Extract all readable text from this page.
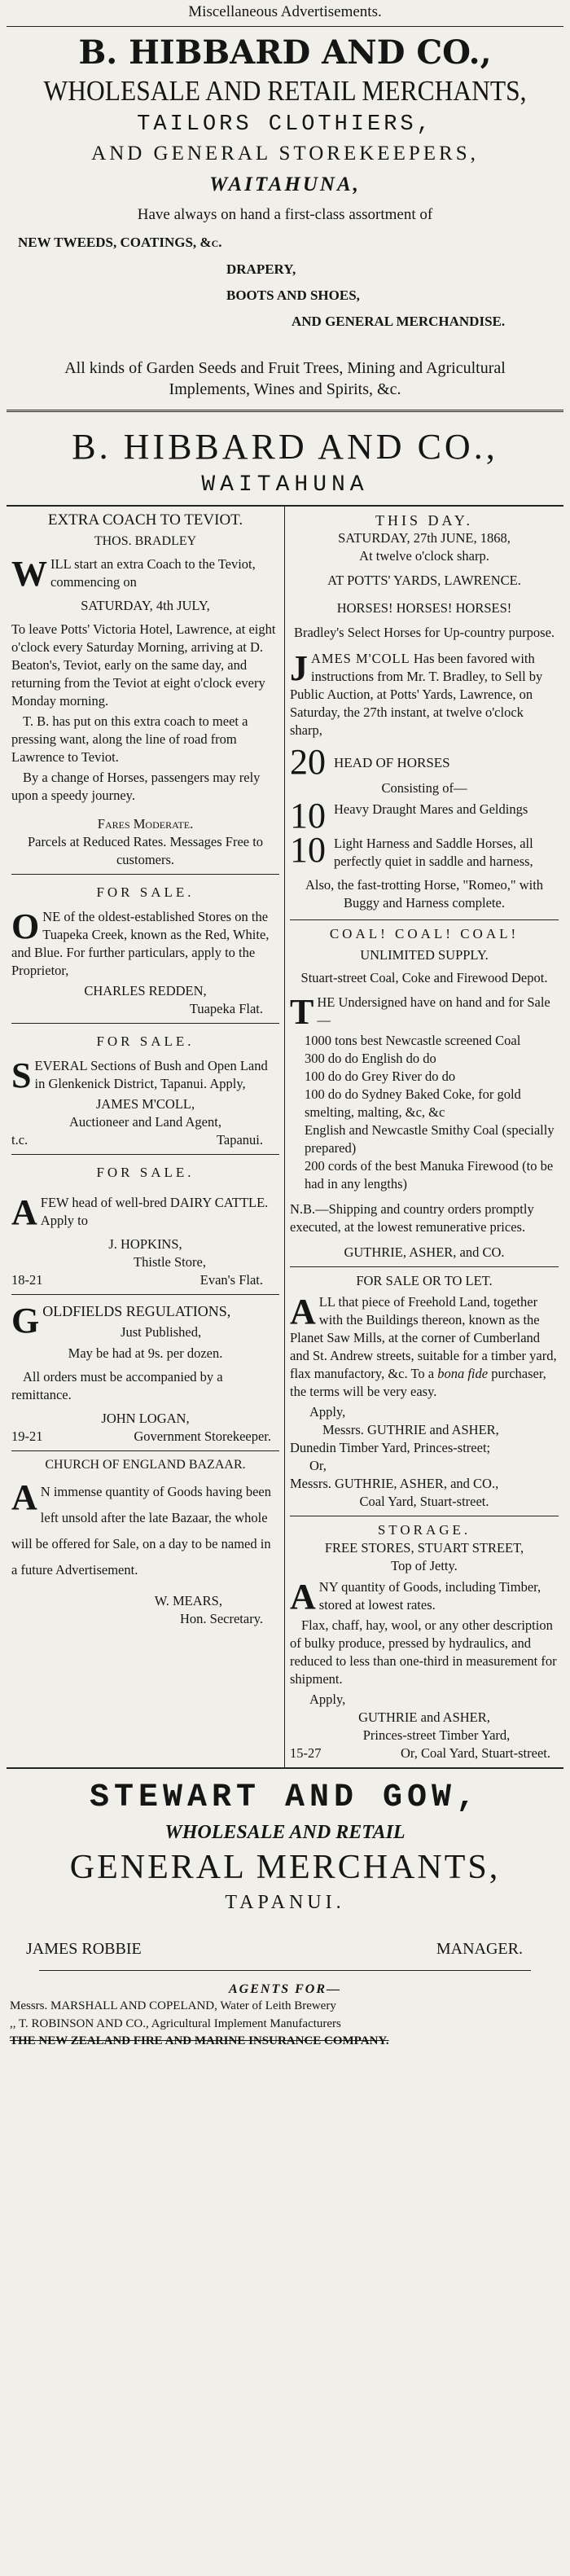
Miscellaneous Advertisements.
B. HIBBARD AND CO.,
WHOLESALE AND RETAIL MERCHANTS,
TAILORS CLOTHIERS,
AND GENERAL STOREKEEPERS,
WAITAHUNA,
Have always on hand a first-class assortment of
NEW TWEEDS, COATINGS, &c.
DRAPERY,
BOOTS AND SHOES,
AND GENERAL MERCHANDISE.
All kinds of Garden Seeds and Fruit Trees, Mining and Agricultural Implements, Wines and Spirits, &c.
B. HIBBARD AND CO.,
WAITAHUNA
EXTRA COACH TO TEVIOT.
THOS. BRADLEY

WILL start an extra Coach to the Teviot, commencing on

SATURDAY, 4th JULY,

To leave Potts' Victoria Hotel, Lawrence, at eight o'clock every Saturday Morning, arriving at D. Beaton's, Teviot, early on the same day, and returning from the Teviot at eight o'clock every Monday morning.

T. B. has put on this extra coach to meet a pressing want, along the line of road from Lawrence to Teviot.

By a change of Horses, passengers may rely upon a speedy journey.

Fares Moderate.
Parcels at Reduced Rates. Messages Free to customers.
FOR SALE.

ONE of the oldest-established Stores on the Tuapeka Creek, known as the Red, White, and Blue. For further particulars, apply to the Proprietor,

CHARLES REDDEN,
Tuapeka Flat.
FOR SALE.

SEVERAL Sections of Bush and Open Land in Glenkenick District, Tapanui. Apply,

JAMES M'COLL,
Auctioneer and Land Agent,
t.c.	Tapanui.
FOR SALE.

AFEW head of well-bred DAIRY CATTLE. Apply to

J. HOPKINS,
Thistle Store,
18-21	Evan's Flat.

GOLDFIELDS REGULATIONS,

Just Published,
May be had at 9s. per dozen.

All orders must be accompanied by a remittance.

JOHN LOGAN,
19-21	Government Storekeeper.
CHURCH OF ENGLAND BAZAAR.

A N immense quantity of Goods having been left unsold after the late Bazaar, the whole will be offered for Sale, on a day to be named in a future Advertisement.

W. MEARS,
Hon. Secretary.
THIS DAY.
SATURDAY, 27th JUNE, 1868,
At twelve o'clock sharp.
AT POTTS' YARDS, LAWRENCE.
HORSES! HORSES! HORSES!
Bradley's Select Horses for Up-country purpose.

JAMES M'COLL Has been favored with instructions from Mr. T. Bradley, to Sell by Public Auction, at Potts' Yards, Lawrence, on Saturday, the 27th instant, at twelve o'clock sharp,

20 HEAD OF HORSES
Consisting of—
10 Heavy Draught Mares and Geldings
10 Light Harness and Saddle Horses, all perfectly quiet in saddle and harness,

Also, the fast-trotting Horse, "Romeo," with Buggy and Harness complete.

COAL! COAL! COAL!
UNLIMITED SUPPLY.
Stuart-street Coal, Coke and Firewood Depot.

THE Undersigned have on hand and for Sale—

1000 tons best Newcastle screened Coal
300 do do English do do
100 do do Grey River do do
100 do do Sydney Baked Coke, for gold smelting, malting, &c, &c
English and Newcastle Smithy Coal (specially prepared)
200 cords of the best Manuka Firewood (to be had in any lengths)

N.B.—Shipping and country orders promptly executed, at the lowest remunerative prices.

GUTHRIE, ASHER, and CO.
FOR SALE OR TO LET.

ALL that piece of Freehold Land, together with the Buildings thereon, known as the Planet Saw Mills, at the corner of Cumberland and St. Andrew streets, suitable for a timber yard, flax manufactory, &c. To a bona fide purchaser, the terms will be very easy.

Apply,
Messrs. GUTHRIE and ASHER,
Dunedin Timber Yard, Princes-street;
Or,
Messrs. GUTHRIE, ASHER, and CO.,
Coal Yard, Stuart-street.
STORAGE.
FREE STORES, STUART STREET,
Top of Jetty.

ANY quantity of Goods, including Timber, stored at lowest rates.

Flax, chaff, hay, wool, or any other description of bulky produce, pressed by hydraulics, and reduced to less than one-third in measurement for shipment.

Apply,
GUTHRIE and ASHER,
Princes-street Timber Yard,
15-27	Or, Coal Yard, Stuart-street.
STEWART AND GOW,
WHOLESALE AND RETAIL
GENERAL MERCHANTS,
TAPANUI.
JAMES ROBBIE	MANAGER.
AGENTS FOR—
Messrs. MARSHALL AND COPELAND, Water of Leith Brewery
,, T. ROBINSON AND CO., Agricultural Implement Manufacturers
THE NEW ZEALAND FIRE AND MARINE INSURANCE COMPANY.
